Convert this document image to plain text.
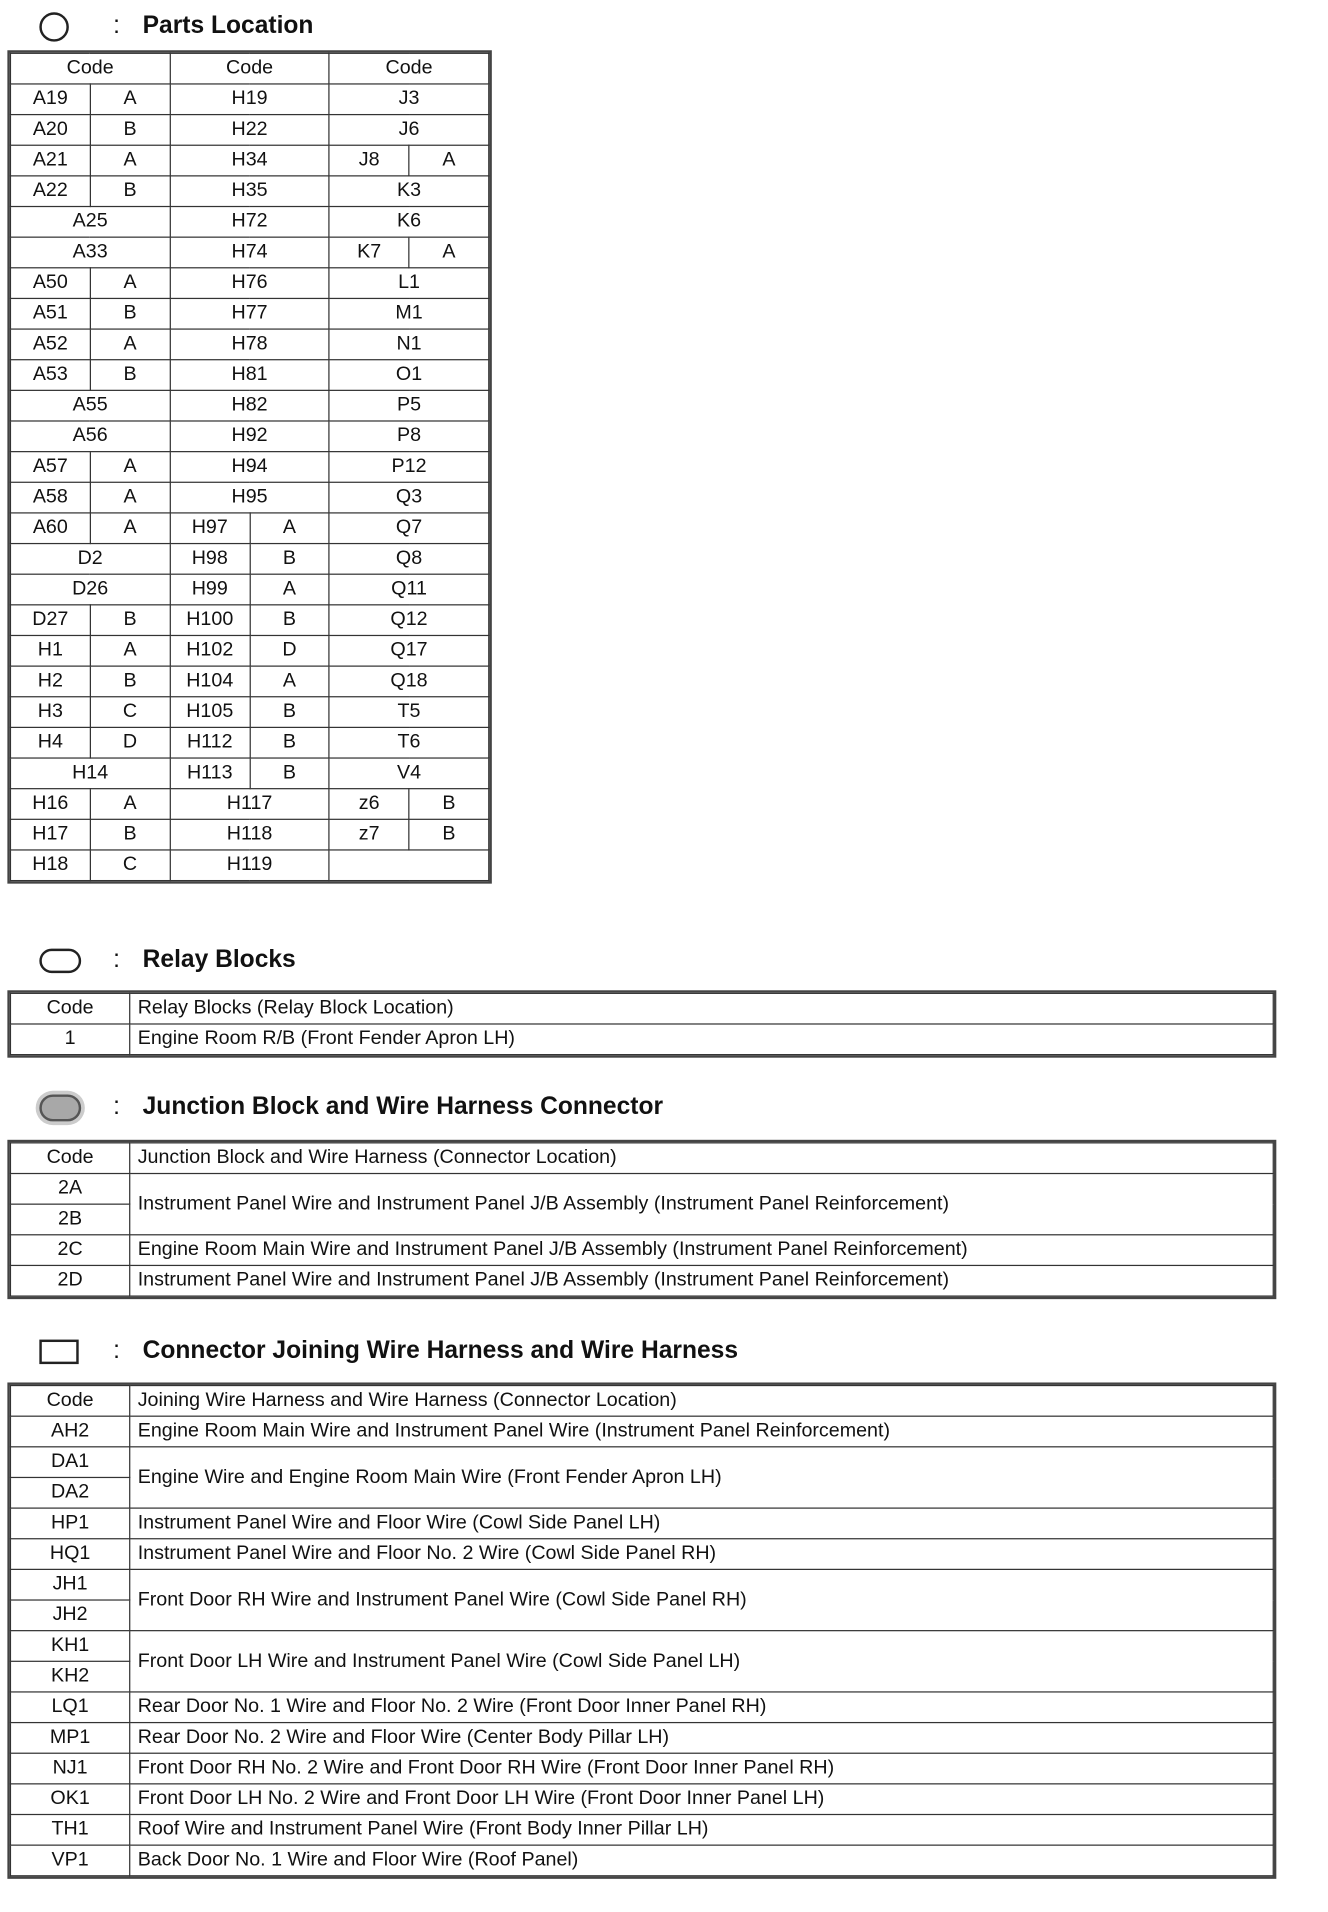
: Parts Location
Code		Code		Code	
A19	A	H19		J3	
A20	B	H22		J6	
A21	A	H34		J8	A
A22	B	H35		K3	
A25		H72		K6	
A33		H74		K7	A
A50	A	H76		L1	
A51	B	H77		M1	
A52	A	H78		N1	
A53	B	H81		O1	
A55		H82		P5	
A56		H92		P8	
A57	A	H94		P12	
A58	A	H95		Q3	
A60	A	H97	A	Q7	
D2		H98	B	Q8	
D26		H99	A	Q11	
D27	B	H100	B	Q12	
H1	A	H102	D	Q17	
H2	B	H104	A	Q18	
H3	C	H105	B	T5	
H4	D	H112	B	T6	
H14		H113	B	V4	
H16	A	H117		z6	B
H17	B	H118		z7	B
H18	C	H119			
: Relay Blocks
Code	Relay Blocks (Relay Block Location)
1	Engine Room R/B (Front Fender Apron LH)
: Junction Block and Wire Harness Connector
Code	Junction Block and Wire Harness (Connector Location)
2A	Instrument Panel Wire and Instrument Panel J/B Assembly (Instrument Panel Reinforcement)
2B	
2C	Engine Room Main Wire and Instrument Panel J/B Assembly (Instrument Panel Reinforcement)
2D	Instrument Panel Wire and Instrument Panel J/B Assembly (Instrument Panel Reinforcement)
: Connector Joining Wire Harness and Wire Harness
Code	Joining Wire Harness and Wire Harness (Connector Location)
AH2	Engine Room Main Wire and Instrument Panel Wire (Instrument Panel Reinforcement)
DA1	Engine Wire and Engine Room Main Wire (Front Fender Apron LH)
DA2	
HP1	Instrument Panel Wire and Floor Wire (Cowl Side Panel LH)
HQ1	Instrument Panel Wire and Floor No. 2 Wire (Cowl Side Panel RH)
JH1	Front Door RH Wire and Instrument Panel Wire (Cowl Side Panel RH)
JH2	
KH1	Front Door LH Wire and Instrument Panel Wire (Cowl Side Panel LH)
KH2	
LQ1	Rear Door No. 1 Wire and Floor No. 2 Wire (Front Door Inner Panel RH)
MP1	Rear Door No. 2 Wire and Floor Wire (Center Body Pillar LH)
NJ1	Front Door RH No. 2 Wire and Front Door RH Wire (Front Door Inner Panel RH)
OK1	Front Door LH No. 2 Wire and Front Door LH Wire (Front Door Inner Panel LH)
TH1	Roof Wire and Instrument Panel Wire (Front Body Inner Pillar LH)
VP1	Back Door No. 1 Wire and Floor Wire (Roof Panel)
